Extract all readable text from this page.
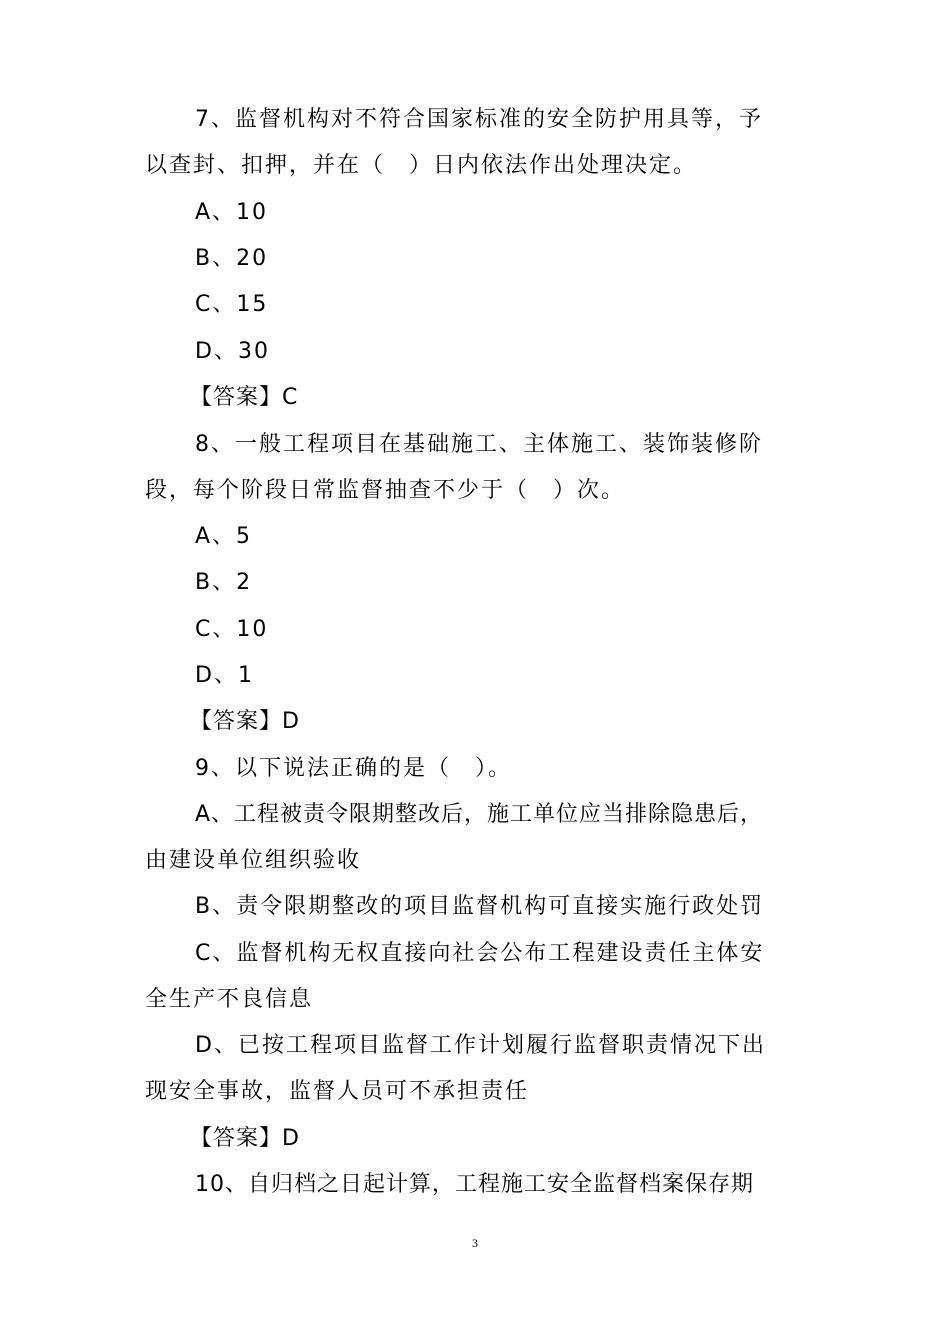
7、监督机构对不符合国家标准的安全防护用具等，予
以查封、扣押，并在（　）日内依法作出处理决定。
A、10
B、20
C、15
D、30
【答案】C
8、一般工程项目在基础施工、主体施工、装饰装修阶
段，每个阶段日常监督抽查不少于（　）次。
A、5
B、2
C、10
D、1
【答案】D
9、以下说法正确的是（　）。
A、工程被责令限期整改后，施工单位应当排除隐患后，
由建设单位组织验收
B、责令限期整改的项目监督机构可直接实施行政处罚
C、监督机构无权直接向社会公布工程建设责任主体安
全生产不良信息
D、已按工程项目监督工作计划履行监督职责情况下出
现安全事故，监督人员可不承担责任
【答案】D
10、自归档之日起计算，工程施工安全监督档案保存期
3
